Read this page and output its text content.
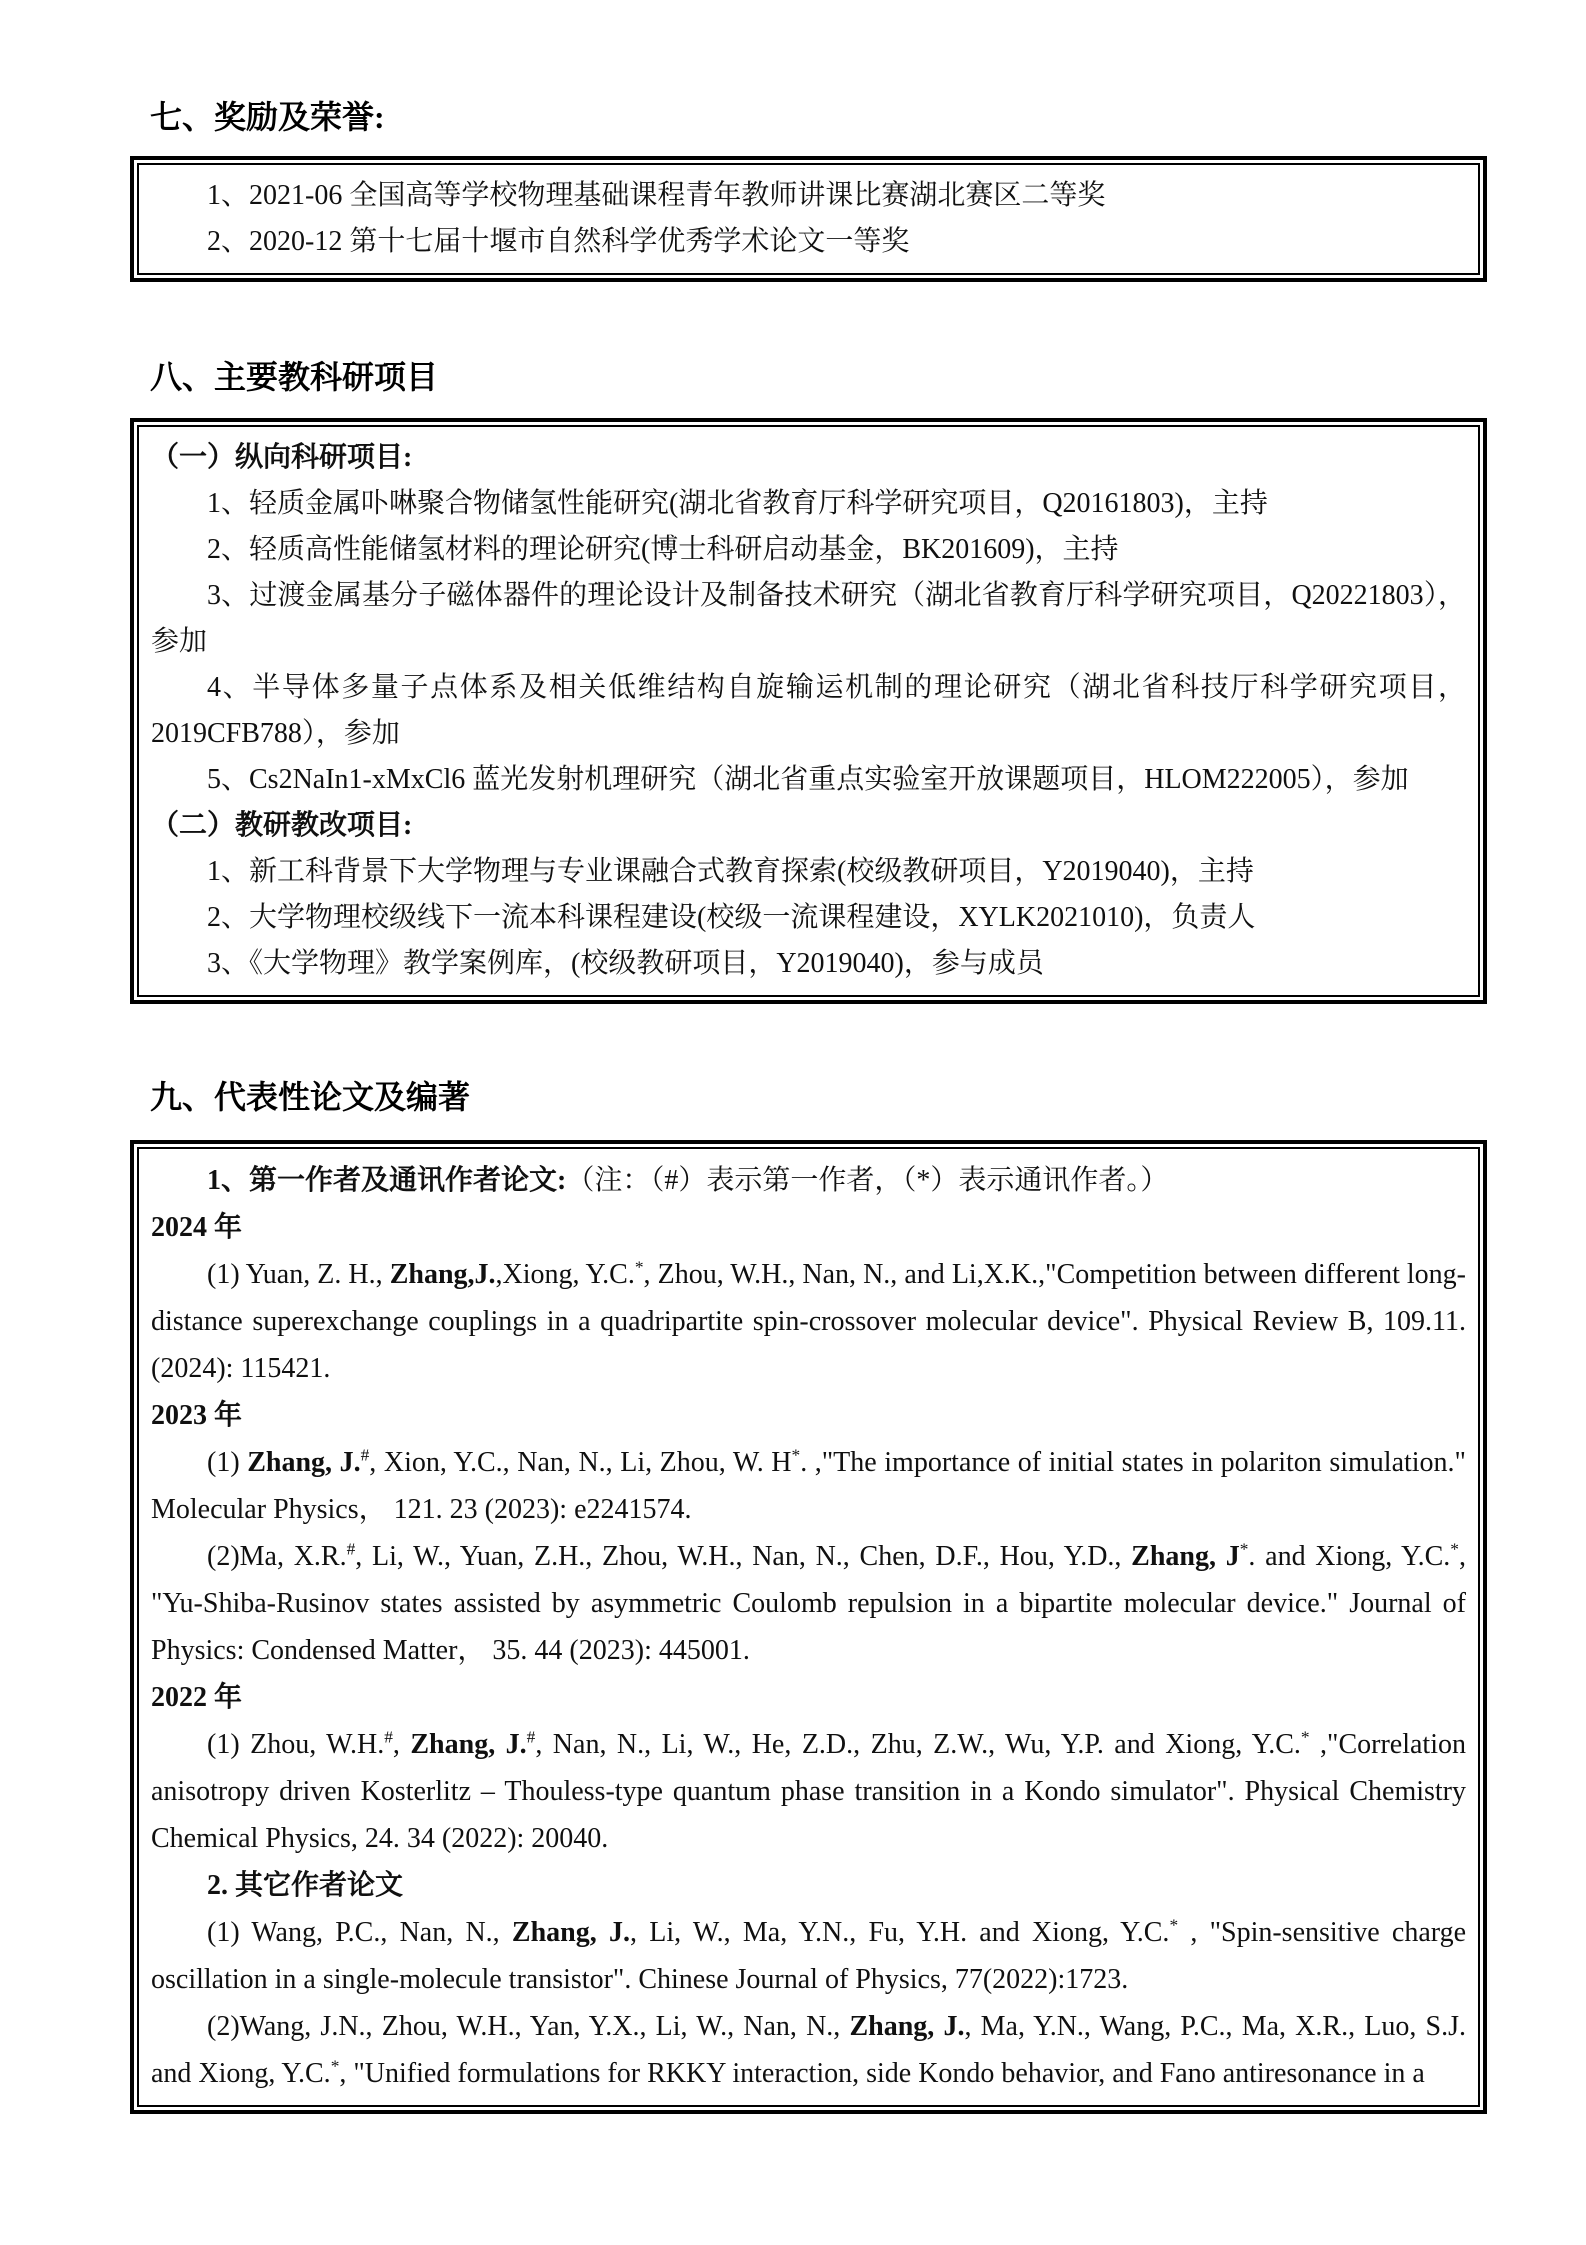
七、奖励及荣誉:

1、2021-06 全国高等学校物理基础课程青年教师讲课比赛湖北赛区二等奖

2、2020-12 第十七届十堰市自然科学优秀学术论文一等奖

八、主要教科研项目

（一）纵向科研项目:

1、轻质金属卟啉聚合物储氢性能研究(湖北省教育厅科学研究项目，Q20161803)，主持

2、轻质高性能储氢材料的理论研究(博士科研启动基金，BK201609)，主持

3、过渡金属基分子磁体器件的理论设计及制备技术研究（湖北省教育厅科学研究项目，Q20221803），参加

4、半导体多量子点体系及相关低维结构自旋输运机制的理论研究（湖北省科技厅科学研究项目，2019CFB788），参加

5、Cs2NaIn1-xMxCl6 蓝光发射机理研究（湖北省重点实验室开放课题项目，HLOM222005），参加

（二）教研教改项目:

1、新工科背景下大学物理与专业课融合式教育探索(校级教研项目，Y2019040)，主持

2、大学物理校级线下一流本科课程建设(校级一流课程建设，XYLK2021010)，负责人

3、《大学物理》教学案例库，(校级教研项目，Y2019040)，参与成员

九、代表性论文及编著

1、第一作者及通讯作者论文:（注：（#）表示第一作者，（*）表示通讯作者。）

2024 年

(1) Yuan, Z. H., Zhang,J.,Xiong, Y.C.*, Zhou, W.H., Nan, N., and Li,X.K.,"Competition between different long-distance superexchange couplings in a quadripartite spin-crossover molecular device". Physical Review B, 109.11. (2024): 115421.

2023 年

(1) Zhang, J.#, Xion, Y.C., Nan, N., Li, Zhou, W. H*. ,"The importance of initial states in polariton simulation." Molecular Physics， 121. 23 (2023): e2241574.

(2)Ma, X.R.#, Li, W., Yuan, Z.H., Zhou, W.H., Nan, N., Chen, D.F., Hou, Y.D., Zhang, J*. and Xiong, Y.C.*, "Yu-Shiba-Rusinov states assisted by asymmetric Coulomb repulsion in a bipartite molecular device." Journal of Physics: Condensed Matter， 35. 44 (2023): 445001.

2022 年

(1) Zhou, W.H.#, Zhang, J.#, Nan, N., Li, W., He, Z.D., Zhu, Z.W., Wu, Y.P. and Xiong, Y.C.* ,"Correlation anisotropy driven Kosterlitz – Thouless-type quantum phase transition in a Kondo simulator". Physical Chemistry Chemical Physics, 24. 34 (2022): 20040.

2. 其它作者论文

(1) Wang, P.C., Nan, N., Zhang, J., Li, W., Ma, Y.N., Fu, Y.H. and Xiong, Y.C.* , "Spin-sensitive charge oscillation in a single-molecule transistor". Chinese Journal of Physics, 77(2022):1723.

(2)Wang, J.N., Zhou, W.H., Yan, Y.X., Li, W., Nan, N., Zhang, J., Ma, Y.N., Wang, P.C., Ma, X.R., Luo, S.J. and Xiong, Y.C.*, "Unified formulations for RKKY interaction, side Kondo behavior, and Fano antiresonance in a
